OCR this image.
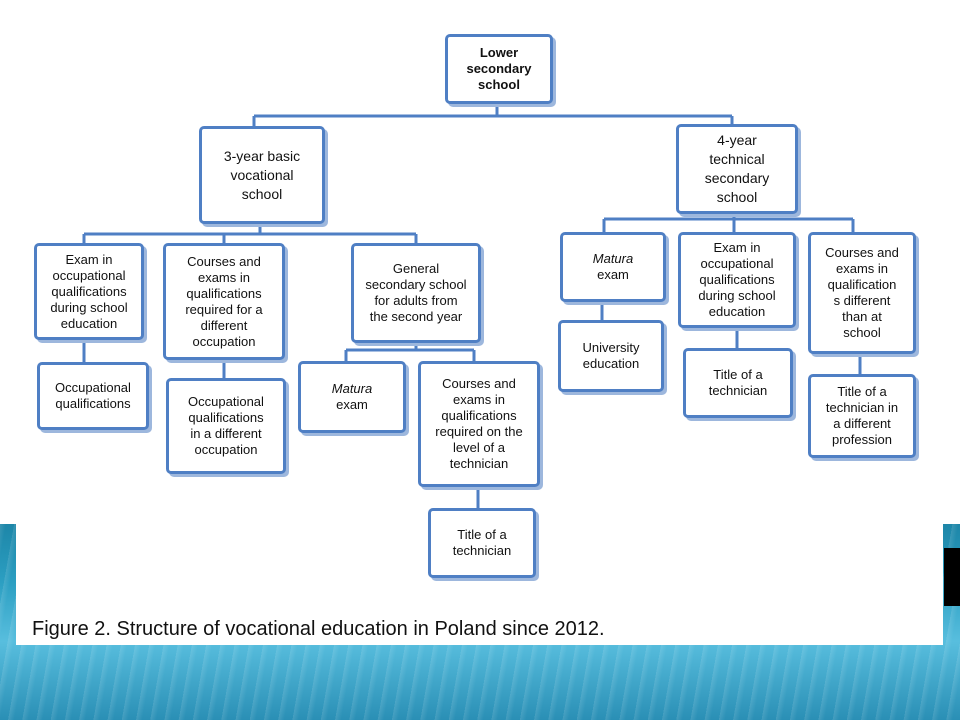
Lower
secondary
school
3-year basic
vocational
school
4-year
technical
secondary
school
Exam in
occupational
qualifications
during school
education
Courses and
exams in
qualifications
required for a
different
occupation
General
secondary school
for adults from
the second year
Occupational
qualifications	Occupational
qualifications
in a different
occupation
Matura
exam
Courses and
exams in
qualifications
required on the
level of a
technician
Title of a
technician
Matura
exam
Exam in
occupational
qualifications
during school
education
Courses and
exams in
qualification
s different
than at
school
University
education
Title of a
technician	Title of a
technician in
a different
profession
Figure 2. Structure of vocational education in Poland since 2012.
